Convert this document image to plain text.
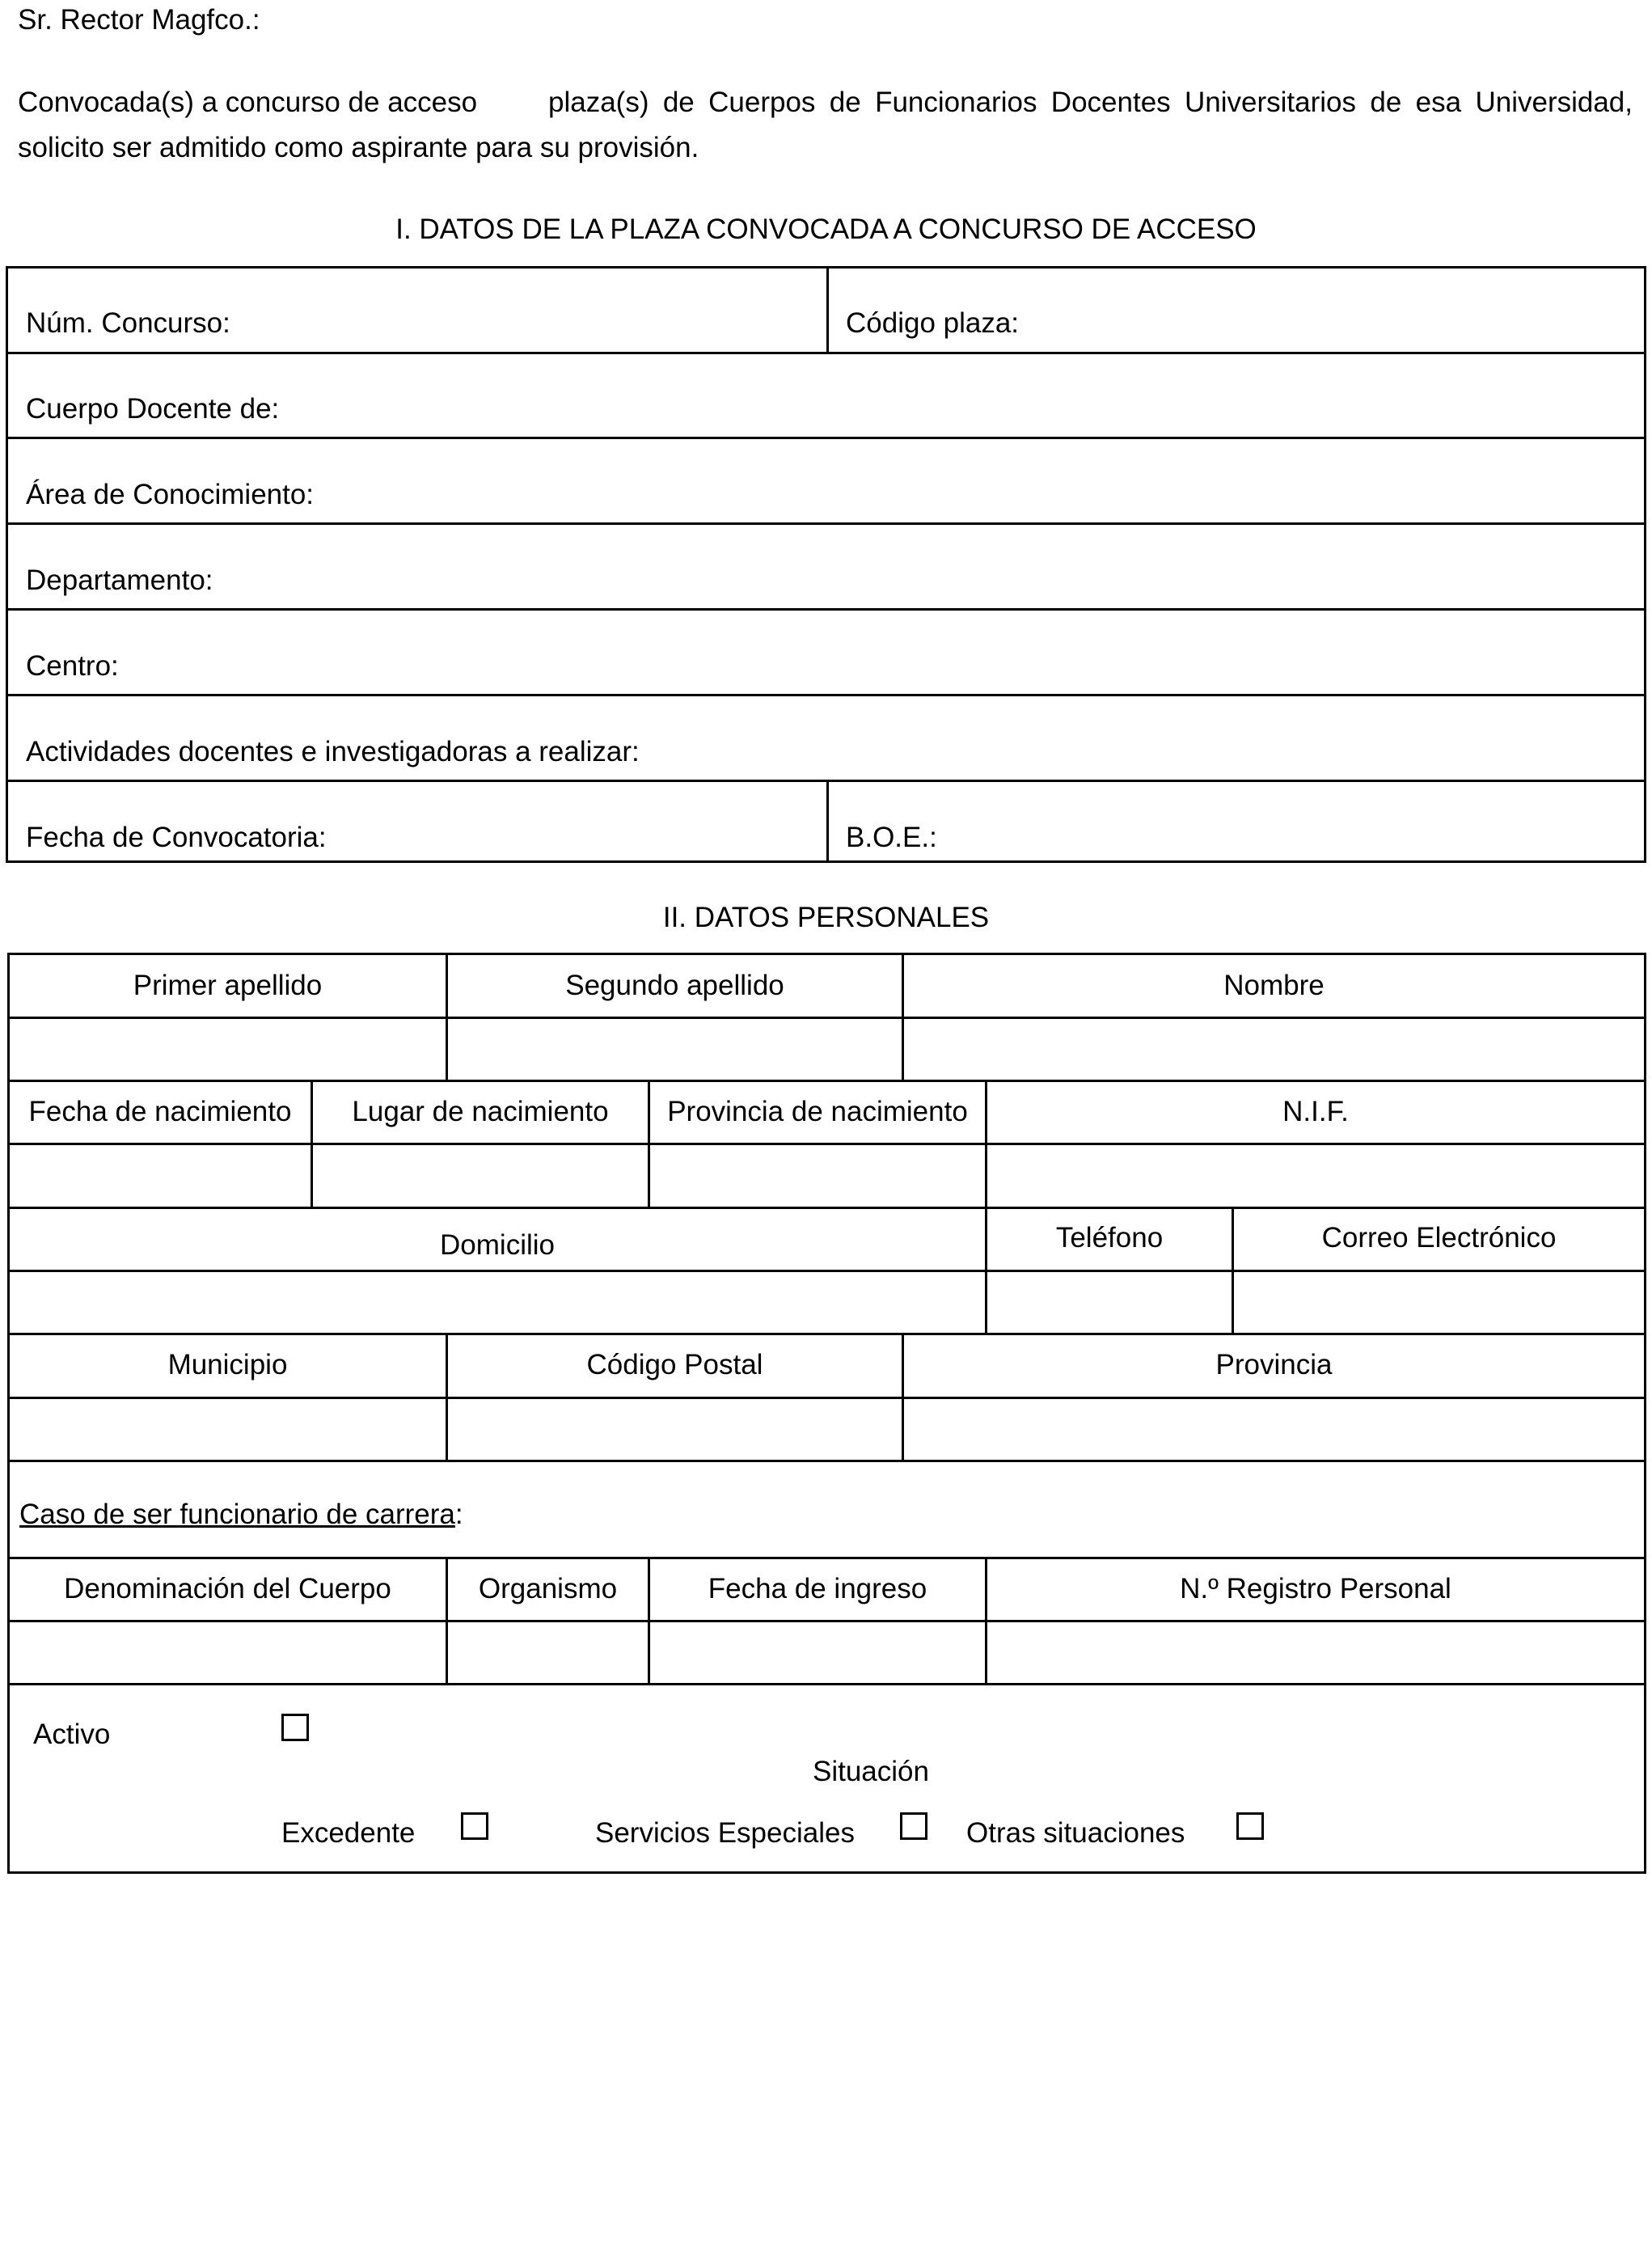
Sr. Rector Magfco.:
Convocada(s) a concurso de acceso	plaza(s) de Cuerpos de Funcionarios Docentes Universitarios de esa Universidad,
solicito ser admitido como aspirante para su provisión.
I. DATOS DE LA PLAZA CONVOCADA A CONCURSO DE ACCESO
Núm. Concurso:	Código plaza:
Cuerpo Docente de:
Área de Conocimiento:
Departamento:
Centro:
Actividades docentes e investigadoras a realizar:
Fecha de Convocatoria:	B.O.E.:
II. DATOS PERSONALES
Primer apellido	Segundo apellido	Nombre
Fecha de nacimiento	Lugar de nacimiento	Provincia de nacimiento	N.I.F.
Domicilio	Teléfono	Correo Electrónico
Municipio	Código Postal	Provincia
Caso de ser funcionario de carrera:
Denominación del Cuerpo	Organismo	Fecha de ingreso	N.º Registro Personal
Activo
Situación
Excedente	Servicios Especiales	Otras situaciones
